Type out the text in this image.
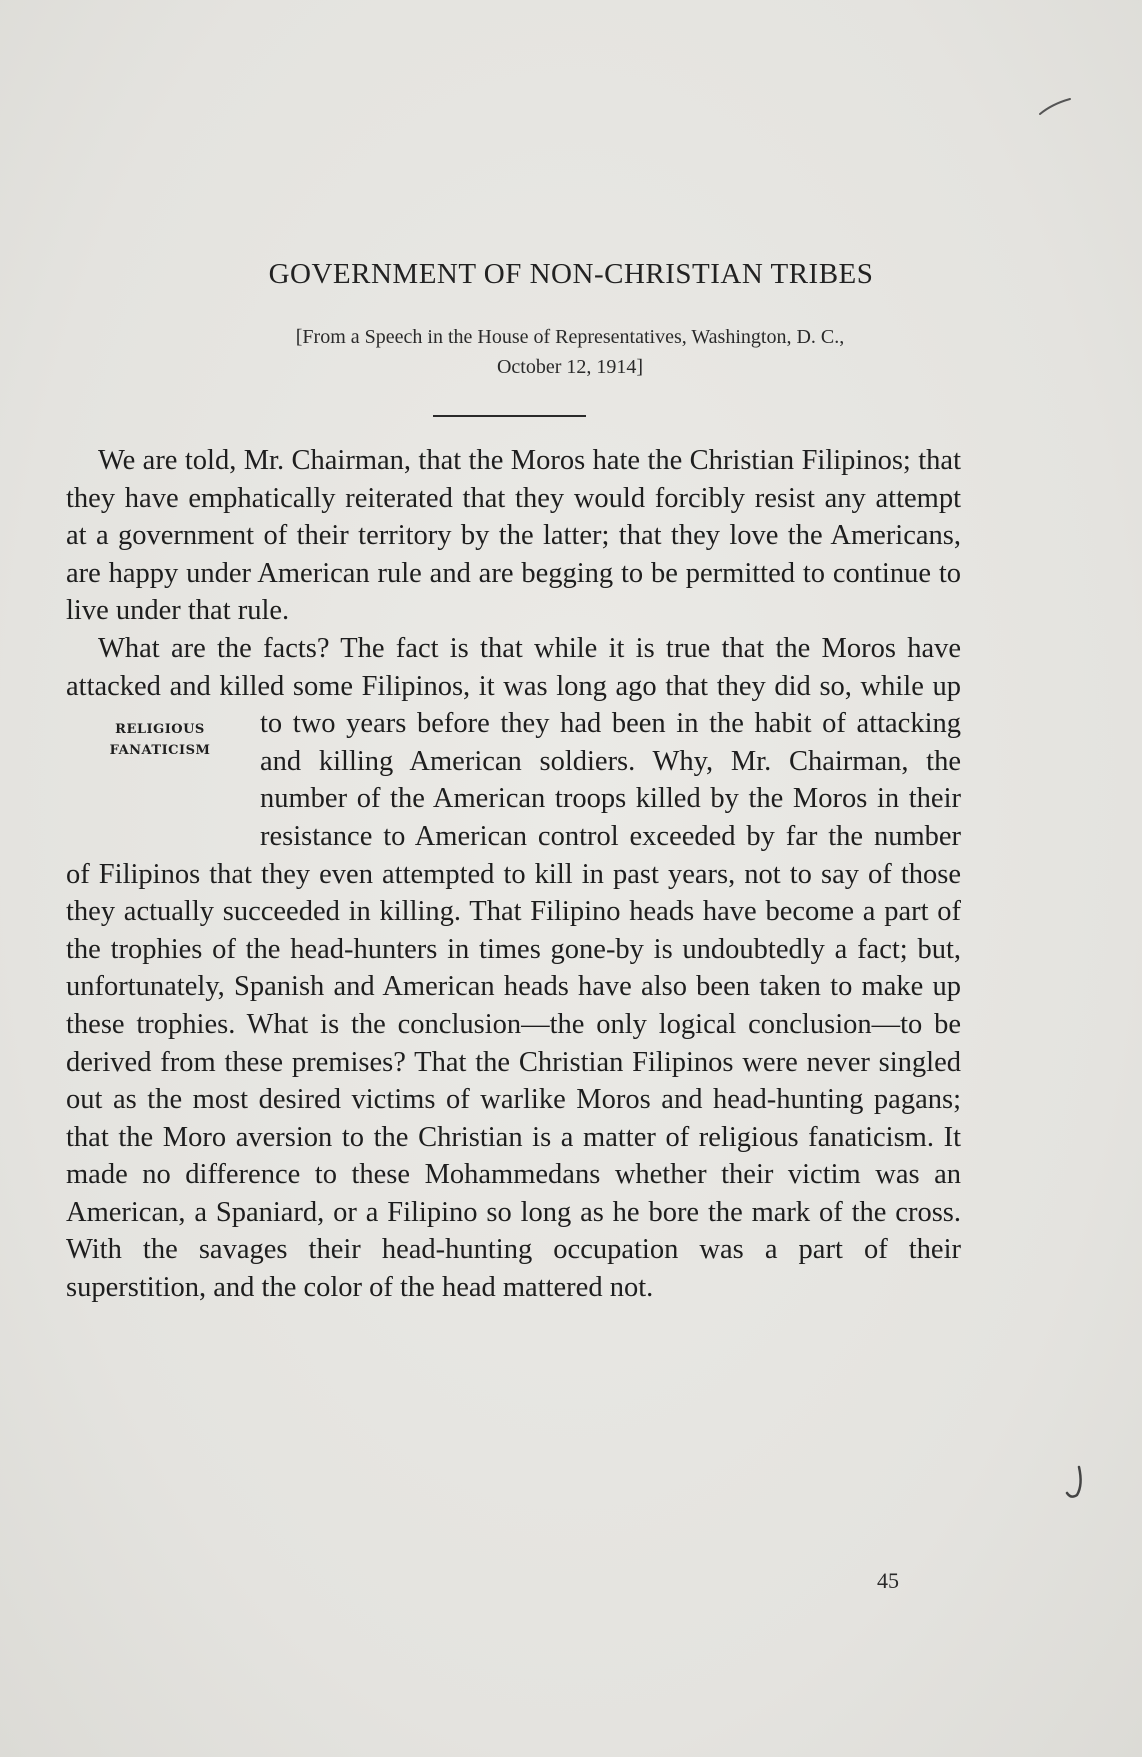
GOVERNMENT OF NON-CHRISTIAN TRIBES
[From a Speech in the House of Representatives, Washington, D. C.,
October 12, 1914]

We are told, Mr. Chairman, that the Moros hate the Christian Filipinos; that they have emphatically reiterated that they would forcibly resist any attempt at a government of their territory by the latter; that they love the Americans, are happy under American rule and are begging to be permitted to continue to live under that rule.

What are the facts? The fact is that while it is true that the Moros have attacked and killed some Filipinos, it was long ago that they did so, while up to two years before
RELIGIOUS
FANATICISM
they had been in the habit of attacking and killing American soldiers. Why, Mr. Chairman, the number of the American troops killed by the Moros in their resistance to American control exceeded by far the number of Filipinos that they even attempted to kill in past years, not to say of those they actually succeeded in killing. That Filipino heads have become a part of the trophies of the head-hunters in times gone-by is undoubtedly a fact; but, unfortunately, Spanish and American heads have also been taken to make up these trophies. What is the conclusion—the only logical conclusion—to be derived from these premises? That the Christian Filipinos were never singled out as the most desired victims of warlike Moros and head-hunting pagans; that the Moro aversion to the Christian is a matter of religious fanaticism. It made no difference to these Mohammedans whether their victim was an American, a Spaniard, or a Filipino so long as he bore the mark of the cross. With the savages their head-hunting occupation was a part of their superstition, and the color of the head mattered not.

45
